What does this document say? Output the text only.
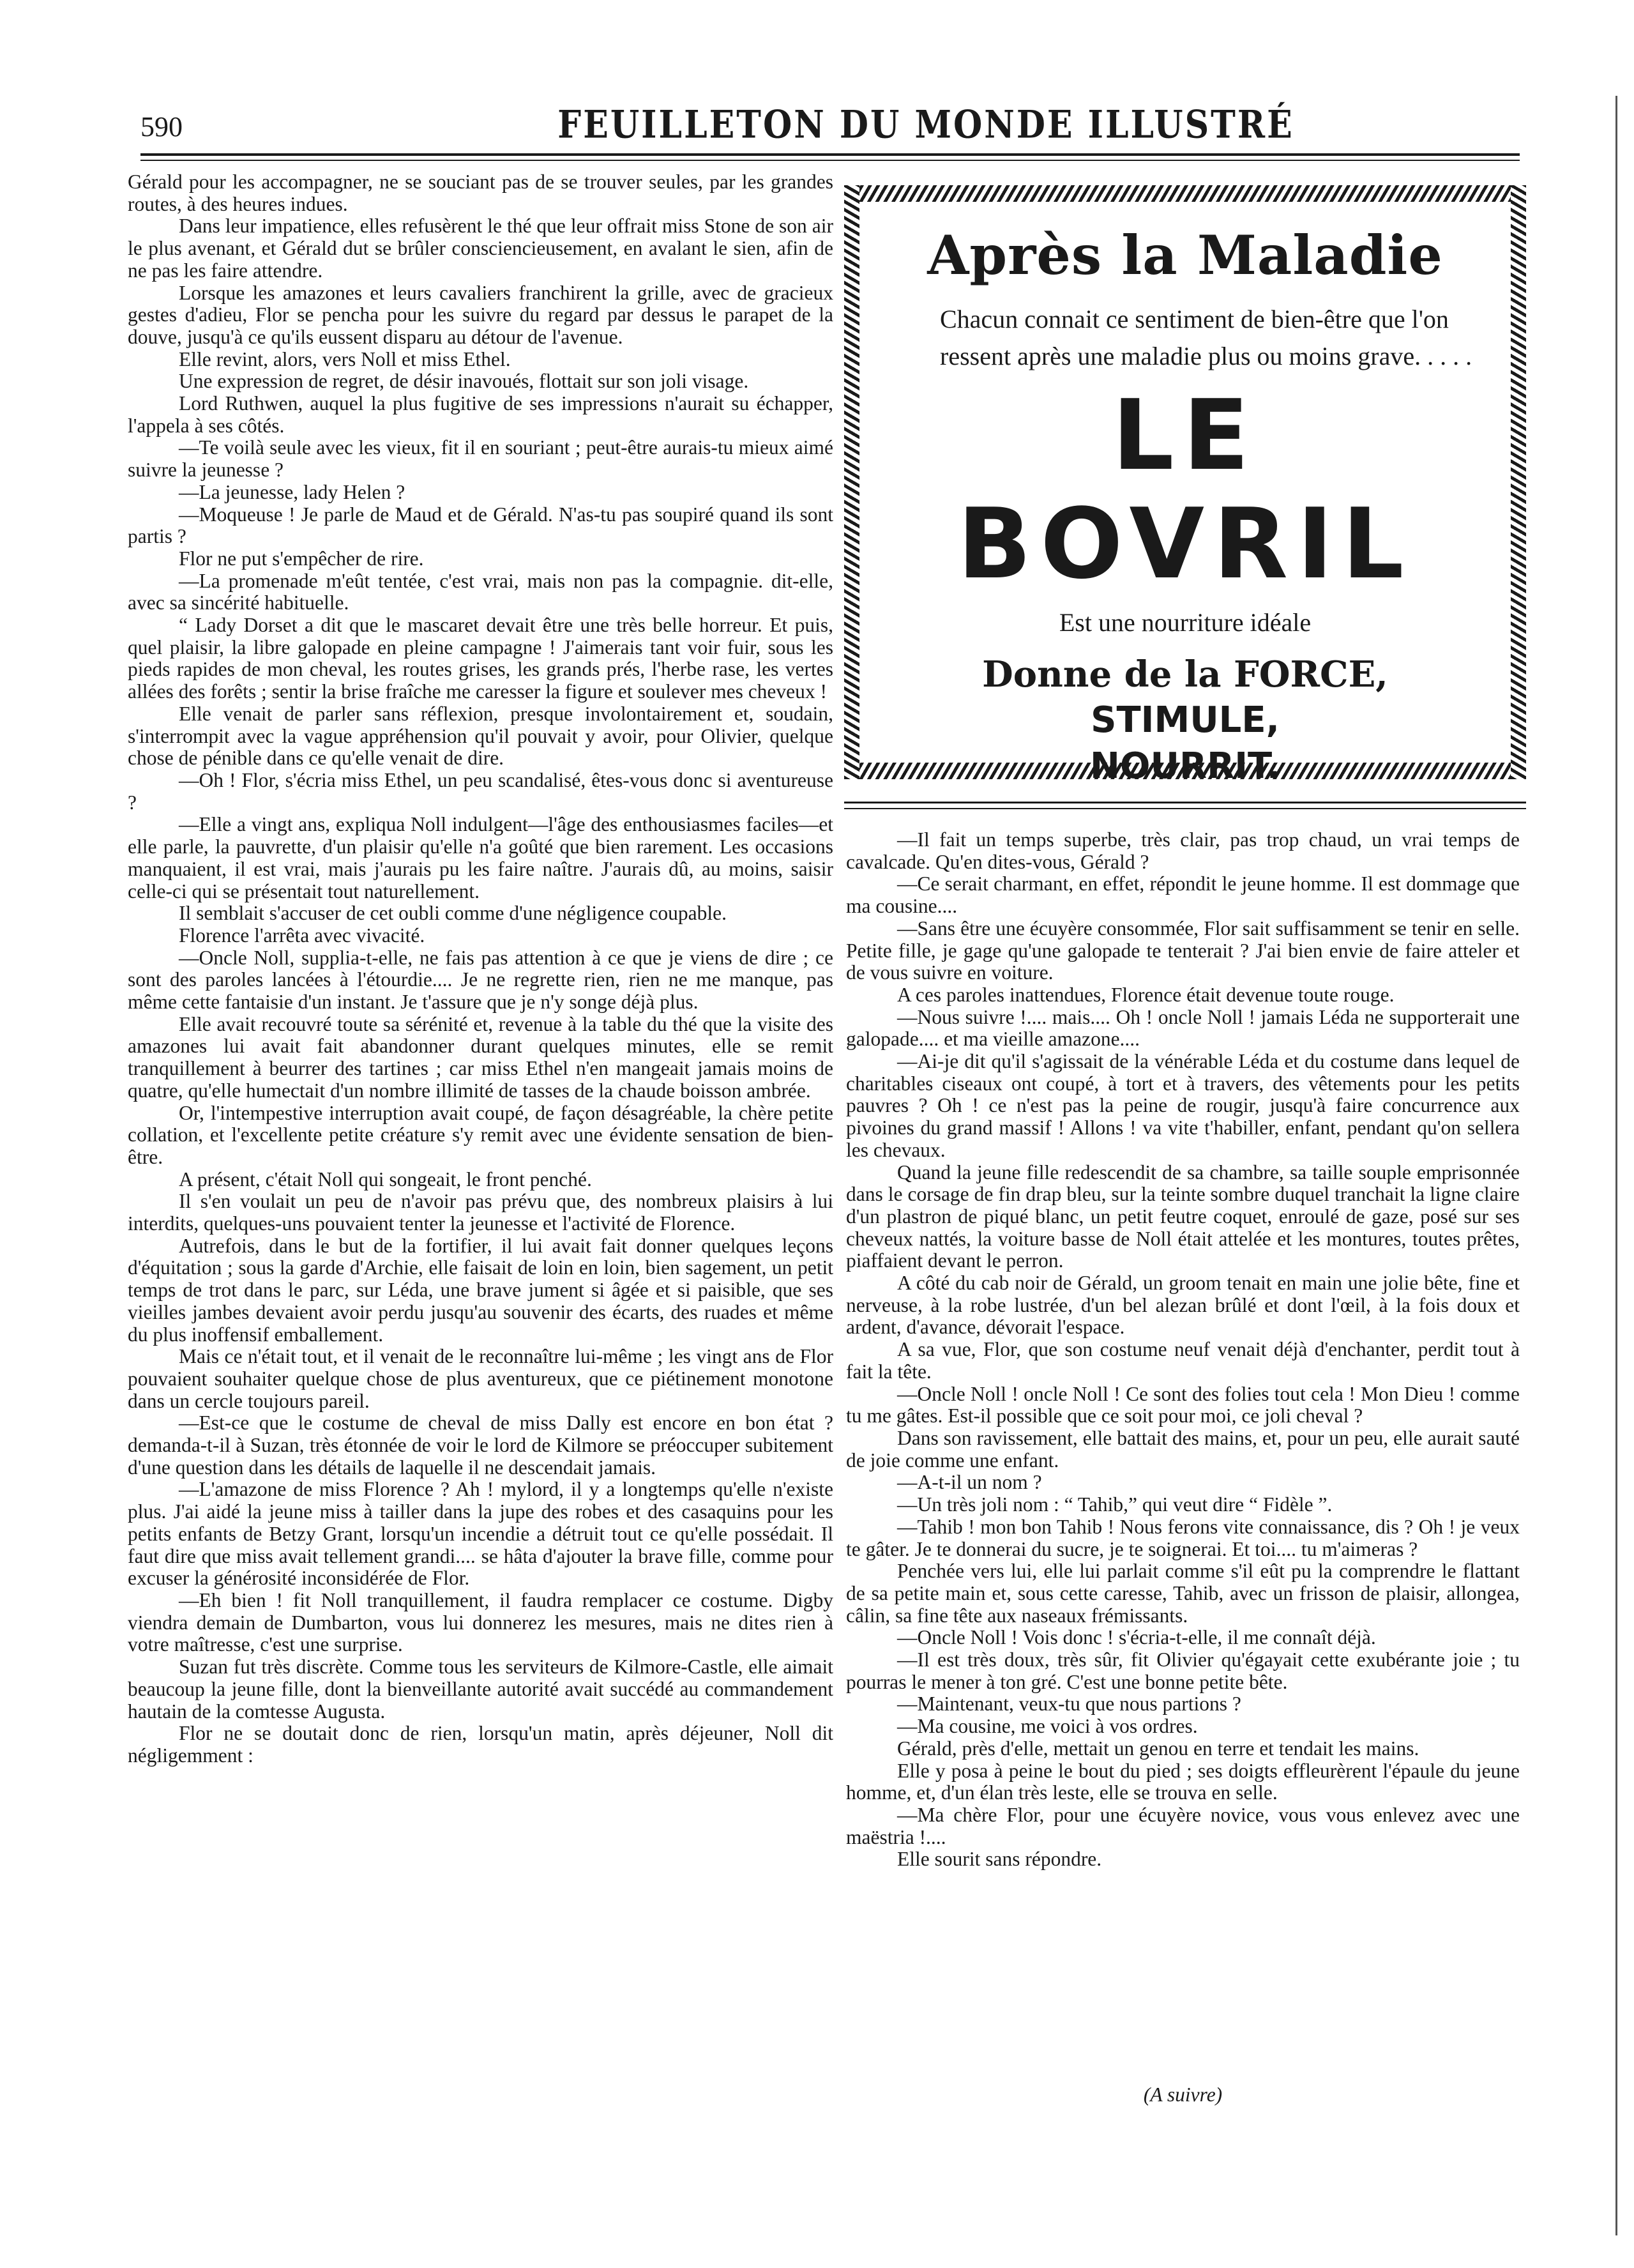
590	FEUILLETON DU MONDE ILLUSTRÉ

Gérald pour les accompagner, ne se souciant pas de se trouver seules, par les grandes routes, à des heures indues.

Dans leur impatience, elles refusèrent le thé que leur offrait miss Stone de son air le plus avenant, et Gérald dut se brûler consciencieusement, en avalant le sien, afin de ne pas les faire attendre.

Lorsque les amazones et leurs cavaliers franchirent la grille, avec de gracieux gestes d'adieu, Flor se pencha pour les suivre du regard par dessus le parapet de la douve, jusqu'à ce qu'ils eussent disparu au détour de l'avenue.

Elle revint, alors, vers Noll et miss Ethel.

Une expression de regret, de désir inavoués, flottait sur son joli visage.

Lord Ruthwen, auquel la plus fugitive de ses impressions n'aurait su échapper, l'appela à ses côtés.

—Te voilà seule avec les vieux, fit il en souriant ; peut-être aurais-tu mieux aimé suivre la jeunesse ?

—La jeunesse, lady Helen ?

—Moqueuse ! Je parle de Maud et de Gérald. N'as-tu pas soupiré quand ils sont partis ?

Flor ne put s'empêcher de rire.

—La promenade m'eût tentée, c'est vrai, mais non pas la compagnie. dit-elle, avec sa sincérité habituelle.

“ Lady Dorset a dit que le mascaret devait être une très belle horreur. Et puis, quel plaisir, la libre galopade en pleine campagne ! J'aimerais tant voir fuir, sous les pieds rapides de mon cheval, les routes grises, les grands prés, l'herbe rase, les vertes allées des forêts ; sentir la brise fraîche me caresser la figure et soulever mes cheveux !

Elle venait de parler sans réflexion, presque involontairement et, soudain, s'interrompit avec la vague appréhension qu'il pouvait y avoir, pour Olivier, quelque chose de pénible dans ce qu'elle venait de dire.

—Oh ! Flor, s'écria miss Ethel, un peu scandalisé, êtes-vous donc si aventureuse ?

—Elle a vingt ans, expliqua Noll indulgent—l'âge des enthousiasmes faciles—et elle parle, la pauvrette, d'un plaisir qu'elle n'a goûté que bien rarement. Les occasions manquaient, il est vrai, mais j'aurais pu les faire naître. J'aurais dû, au moins, saisir celle-ci qui se présentait tout naturellement.

Il semblait s'accuser de cet oubli comme d'une négligence coupable.

Florence l'arrêta avec vivacité.

—Oncle Noll, supplia-t-elle, ne fais pas attention à ce que je viens de dire ; ce sont des paroles lancées à l'étourdie.... Je ne regrette rien, rien ne me manque, pas même cette fantaisie d'un instant. Je t'assure que je n'y songe déjà plus.

Elle avait recouvré toute sa sérénité et, revenue à la table du thé que la visite des amazones lui avait fait abandonner durant quelques minutes, elle se remit tranquillement à beurrer des tartines ; car miss Ethel n'en mangeait jamais moins de quatre, qu'elle humectait d'un nombre illimité de tasses de la chaude boisson ambrée.

Or, l'intempestive interruption avait coupé, de façon désagréable, la chère petite collation, et l'excellente petite créature s'y remit avec une évidente sensation de bien-être.

A présent, c'était Noll qui songeait, le front penché.

Il s'en voulait un peu de n'avoir pas prévu que, des nombreux plaisirs à lui interdits, quelques-uns pouvaient tenter la jeunesse et l'activité de Florence.

Autrefois, dans le but de la fortifier, il lui avait fait donner quelques leçons d'équitation ; sous la garde d'Archie, elle faisait de loin en loin, bien sagement, un petit temps de trot dans le parc, sur Léda, une brave jument si âgée et si paisible, que ses vieilles jambes devaient avoir perdu jusqu'au souvenir des écarts, des ruades et même du plus inoffensif emballement.

Mais ce n'était tout, et il venait de le reconnaître lui-même ; les vingt ans de Flor pouvaient souhaiter quelque chose de plus aventureux, que ce piétinement monotone dans un cercle toujours pareil.

—Est-ce que le costume de cheval de miss Dally est encore en bon état ? demanda-t-il à Suzan, très étonnée de voir le lord de Kilmore se préoccuper subitement d'une question dans les détails de laquelle il ne descendait jamais.

—L'amazone de miss Florence ? Ah ! mylord, il y a longtemps qu'elle n'existe plus. J'ai aidé la jeune miss à tailler dans la jupe des robes et des casaquins pour les petits enfants de Betzy Grant, lorsqu'un incendie a détruit tout ce qu'elle possédait. Il faut dire que miss avait tellement grandi.... se hâta d'ajouter la brave fille, comme pour excuser la générosité inconsidérée de Flor.

—Eh bien ! fit Noll tranquillement, il faudra remplacer ce costume. Digby viendra demain de Dumbarton, vous lui donnerez les mesures, mais ne dites rien à votre maîtresse, c'est une surprise.

Suzan fut très discrète. Comme tous les serviteurs de Kilmore-Castle, elle aimait beaucoup la jeune fille, dont la bienveillante autorité avait succédé au commandement hautain de la comtesse Augusta.

Flor ne se doutait donc de rien, lorsqu'un matin, après déjeuner, Noll dit négligemment :

Après la Maladie
Chacun connait ce sentiment de bien-être que l'on ressent après une maladie plus ou moins grave. . . . .
LE BOVRIL
Est une nourriture idéale
Donne de la FORCE,
STIMULE,
NOURRIT.

—Il fait un temps superbe, très clair, pas trop chaud, un vrai temps de cavalcade. Qu'en dites-vous, Gérald ?

—Ce serait charmant, en effet, répondit le jeune homme. Il est dommage que ma cousine....

—Sans être une écuyère consommée, Flor sait suffisamment se tenir en selle. Petite fille, je gage qu'une galopade te tenterait ? J'ai bien envie de faire atteler et de vous suivre en voiture.

A ces paroles inattendues, Florence était devenue toute rouge.

—Nous suivre !.... mais.... Oh ! oncle Noll ! jamais Léda ne supporterait une galopade.... et ma vieille amazone....

—Ai-je dit qu'il s'agissait de la vénérable Léda et du costume dans lequel de charitables ciseaux ont coupé, à tort et à travers, des vêtements pour les petits pauvres ? Oh ! ce n'est pas la peine de rougir, jusqu'à faire concurrence aux pivoines du grand massif ! Allons ! va vite t'habiller, enfant, pendant qu'on sellera les chevaux.

Quand la jeune fille redescendit de sa chambre, sa taille souple emprisonnée dans le corsage de fin drap bleu, sur la teinte sombre duquel tranchait la ligne claire d'un plastron de piqué blanc, un petit feutre coquet, enroulé de gaze, posé sur ses cheveux nattés, la voiture basse de Noll était attelée et les montures, toutes prêtes, piaffaient devant le perron.

A côté du cab noir de Gérald, un groom tenait en main une jolie bête, fine et nerveuse, à la robe lustrée, d'un bel alezan brûlé et dont l'œil, à la fois doux et ardent, d'avance, dévorait l'espace.

A sa vue, Flor, que son costume neuf venait déjà d'enchanter, perdit tout à fait la tête.

—Oncle Noll ! oncle Noll ! Ce sont des folies tout cela ! Mon Dieu ! comme tu me gâtes. Est-il possible que ce soit pour moi, ce joli cheval ?

Dans son ravissement, elle battait des mains, et, pour un peu, elle aurait sauté de joie comme une enfant.

—A-t-il un nom ?

—Un très joli nom : “ Tahib,” qui veut dire “ Fidèle ”.

—Tahib ! mon bon Tahib ! Nous ferons vite connaissance, dis ? Oh ! je veux te gâter. Je te donnerai du sucre, je te soignerai. Et toi.... tu m'aimeras ?

Penchée vers lui, elle lui parlait comme s'il eût pu la comprendre le flattant de sa petite main et, sous cette caresse, Tahib, avec un frisson de plaisir, allongea, câlin, sa fine tête aux naseaux frémissants.

—Oncle Noll ! Vois donc ! s'écria-t-elle, il me connaît déjà.

—Il est très doux, très sûr, fit Olivier qu'égayait cette exubérante joie ; tu pourras le mener à ton gré. C'est une bonne petite bête.

—Maintenant, veux-tu que nous partions ?

—Ma cousine, me voici à vos ordres.

Gérald, près d'elle, mettait un genou en terre et tendait les mains.

Elle y posa à peine le bout du pied ; ses doigts effleurèrent l'épaule du jeune homme, et, d'un élan très leste, elle se trouva en selle.

—Ma chère Flor, pour une écuyère novice, vous vous enlevez avec une maëstria !....

Elle sourit sans répondre.

(A suivre)
